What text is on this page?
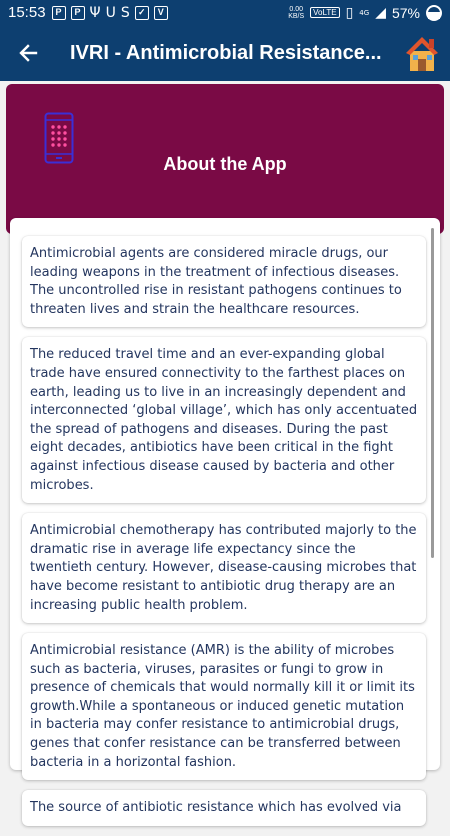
15:53	P	P Ψ U S ✓	V	0.00
KB/S	VoLTE ▯ 4G ◢ 57%
IVRI - Antimicrobial Resistance...
About the App
Antimicrobial agents are considered miracle drugs, our leading weapons in the treatment of infectious diseases. The uncontrolled rise in resistant pathogens continues to threaten lives and strain the healthcare resources.
The reduced travel time and an ever-expanding global trade have ensured connectivity to the farthest places on earth, leading us to live in an increasingly dependent and interconnected ‘global village’, which has only accentuated the spread of pathogens and diseases. During the past eight decades, antibiotics have been critical in the fight against infectious disease caused by bacteria and other microbes.
Antimicrobial chemotherapy has contributed majorly to the dramatic rise in average life expectancy since the twentieth century. However, disease-causing microbes that have become resistant to antibiotic drug therapy are an increasing public health problem.
Antimicrobial resistance (AMR) is the ability of microbes such as bacteria, viruses, parasites or fungi to grow in presence of chemicals that would normally kill it or limit its growth.While a spontaneous or induced genetic mutation in bacteria may confer resistance to antimicrobial drugs, genes that confer resistance can be transferred between bacteria in a horizontal fashion.
The source of antibiotic resistance which has evolved via
